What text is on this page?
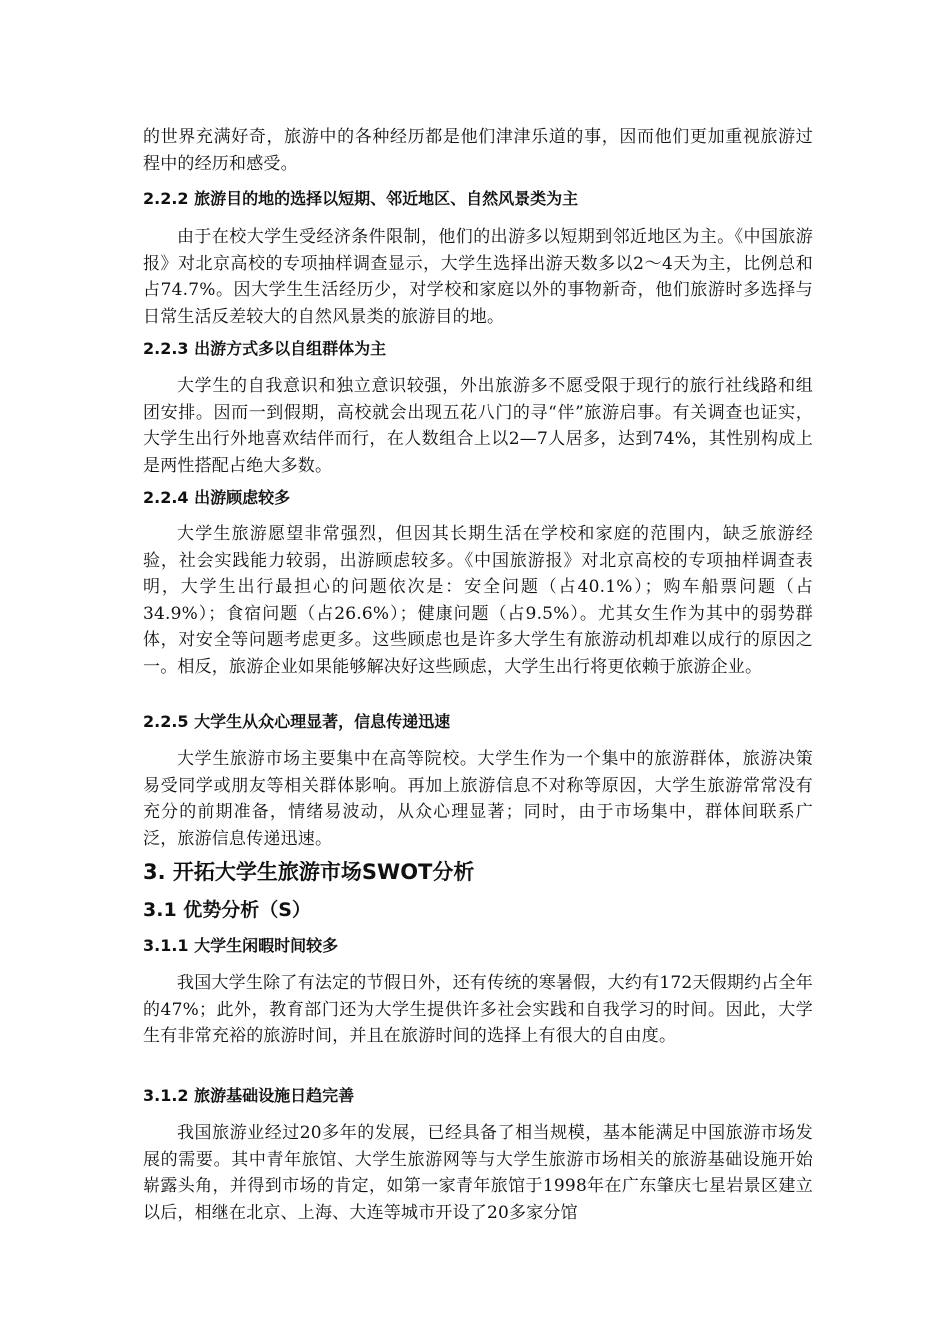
的世界充满好奇，旅游中的各种经历都是他们津津乐道的事，因而他们更加重视旅游过程中的经历和感受。

2.2.2 旅游目的地的选择以短期、邻近地区、自然风景类为主

由于在校大学生受经济条件限制，他们的出游多以短期到邻近地区为主。《中国旅游报》对北京高校的专项抽样调查显示，大学生选择出游天数多以2～4天为主，比例总和占74.7%。因大学生生活经历少，对学校和家庭以外的事物新奇，他们旅游时多选择与日常生活反差较大的自然风景类的旅游目的地。

2.2.3 出游方式多以自组群体为主

大学生的自我意识和独立意识较强，外出旅游多不愿受限于现行的旅行社线路和组团安排。因而一到假期，高校就会出现五花八门的寻“伴”旅游启事。有关调查也证实，大学生出行外地喜欢结伴而行，在人数组合上以2—7人居多，达到74%，其性别构成上是两性搭配占绝大多数。

2.2.4 出游顾虑较多

大学生旅游愿望非常强烈，但因其长期生活在学校和家庭的范围内，缺乏旅游经验，社会实践能力较弱，出游顾虑较多。《中国旅游报》对北京高校的专项抽样调查表明，大学生出行最担心的问题依次是：安全问题（占40.1%）；购车船票问题（占34.9%）；食宿问题（占26.6%）；健康问题（占9.5%）。尤其女生作为其中的弱势群体，对安全等问题考虑更多。这些顾虑也是许多大学生有旅游动机却难以成行的原因之一。相反，旅游企业如果能够解决好这些顾虑，大学生出行将更依赖于旅游企业。

2.2.5 大学生从众心理显著，信息传递迅速

大学生旅游市场主要集中在高等院校。大学生作为一个集中的旅游群体，旅游决策易受同学或朋友等相关群体影响。再加上旅游信息不对称等原因，大学生旅游常常没有充分的前期准备，情绪易波动，从众心理显著；同时，由于市场集中，群体间联系广泛，旅游信息传递迅速。

3. 开拓大学生旅游市场SWOT分析
3.1 优势分析（S）
3.1.1 大学生闲暇时间较多

我国大学生除了有法定的节假日外，还有传统的寒暑假，大约有172天假期约占全年的47%；此外，教育部门还为大学生提供许多社会实践和自我学习的时间。因此，大学生有非常充裕的旅游时间，并且在旅游时间的选择上有很大的自由度。

3.1.2 旅游基础设施日趋完善

我国旅游业经过20多年的发展，已经具备了相当规模，基本能满足中国旅游市场发展的需要。其中青年旅馆、大学生旅游网等与大学生旅游市场相关的旅游基础设施开始崭露头角，并得到市场的肯定，如第一家青年旅馆于1998年在广东肇庆七星岩景区建立以后，相继在北京、上海、大连等城市开设了20多家分馆
